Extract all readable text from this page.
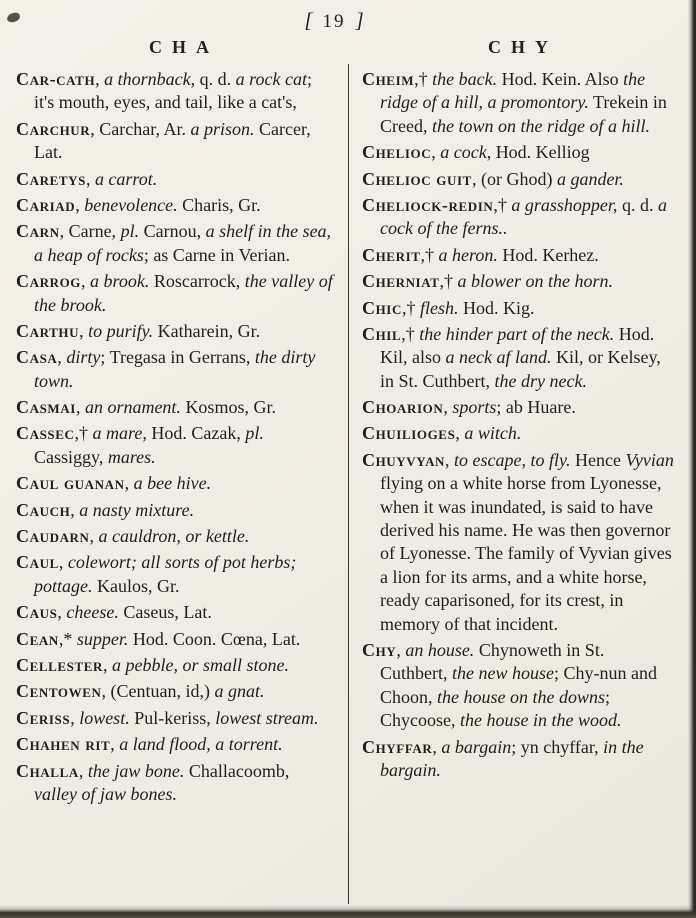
[ 19 ]
CHA	CHY

Car-cath, a thornback, q. d. a rock cat; it's mouth, eyes, and tail, like a cat's,

Carchur, Carchar, Ar. a prison. Carcer, Lat.

Caretys, a carrot.

Cariad, benevolence. Charis, Gr.

Carn, Carne, pl. Carnou, a shelf in the sea, a heap of rocks; as Carne in Verian.

Carrog, a brook. Roscarrock, the valley of the brook.

Carthu, to purify. Katharein, Gr.

Casa, dirty; Tregasa in Gerrans, the dirty town.

Casmai, an ornament. Kosmos, Gr.

Cassec,† a mare, Hod. Cazak, pl. Cassiggy, mares.

Caul guanan, a bee hive.

Cauch, a nasty mixture.

Caudarn, a cauldron, or kettle.

Caul, colewort; all sorts of pot herbs; pottage. Kaulos, Gr.

Caus, cheese. Caseus, Lat.

Cean,* supper. Hod. Coon. Cœna, Lat.

Cellester, a pebble, or small stone.

Centowen, (Centuan, id,) a gnat.

Ceriss, lowest. Pul-keriss, lowest stream.

Chahen rit, a land flood, a torrent.

Challa, the jaw bone. Challacoomb, valley of jaw bones.

Cheim,† the back. Hod. Kein. Also the ridge of a hill, a promontory. Trekein in Creed, the town on the ridge of a hill.

Chelioc, a cock, Hod. Kelliog

Chelioc guit, (or Ghod) a gander.

Cheliock-redin,† a grasshopper, q. d. a cock of the ferns..

Cherit,† a heron. Hod. Kerhez.

Cherniat,† a blower on the horn.

Chic,† flesh. Hod. Kig.

Chil,† the hinder part of the neck. Hod. Kil, also a neck af land. Kil, or Kelsey, in St. Cuthbert, the dry neck.

Choarion, sports; ab Huare.

Chuilioges, a witch.

Chuyvyan, to escape, to fly. Hence Vyvian flying on a white horse from Lyonesse, when it was inundated, is said to have derived his name. He was then governor of Lyonesse. The family of Vyvian gives a lion for its arms, and a white horse, ready caparisoned, for its crest, in memory of that incident.

Chy, an house. Chynoweth in St. Cuthbert, the new house; Chy-nun and Choon, the house on the downs; Chycoose, the house in the wood.

Chyffar, a bargain; yn chyffar, in the bargain.
